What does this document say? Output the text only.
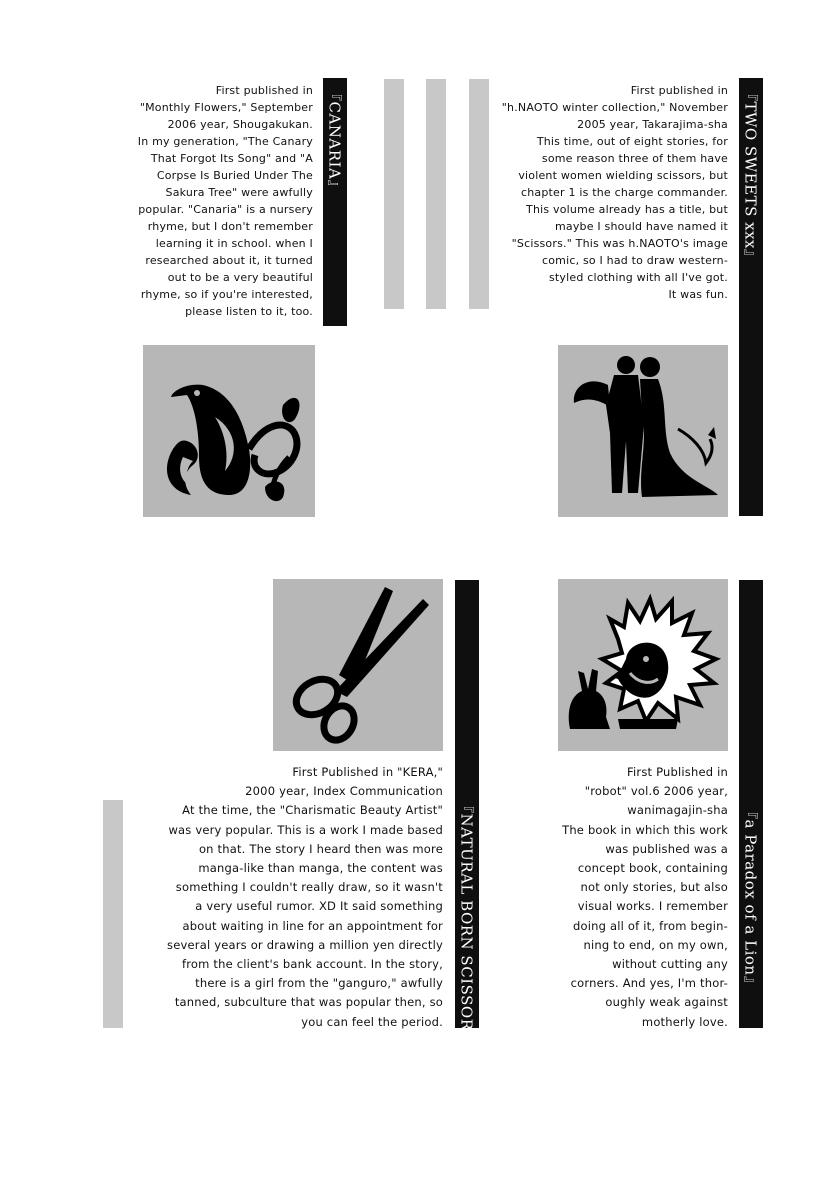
First published in
"Monthly Flowers," September
2006 year, Shougakukan.
In my generation, "The Canary
That Forgot Its Song" and "A
Corpse Is Buried Under The
Sakura Tree" were awfully
popular. "Canaria" is a nursery
rhyme, but I don't remember
learning it in school. when I
researched about it, it turned
out to be a very beautiful
rhyme, so if you're interested,
please listen to it, too.
『CANARIA』	First published in
"h.NAOTO winter collection," November
2005 year, Takarajima-sha
This time, out of eight stories, for
some reason three of them have
violent women wielding scissors, but
chapter 1 is the charge commander.
This volume already has a title, but
maybe I should have named it
"Scissors." This was h.NAOTO's image
comic, so I had to draw western-
styled clothing with all I've got.
It was fun.
『TWO SWEETS xxx』
『NATURAL BORN SCISSORS』
First Published in "KERA,"
2000 year, Index Communication
At the time, the "Charismatic Beauty Artist"
was very popular. This is a work I made based
on that. The story I heard then was more
manga-like than manga, the content was
something I couldn't really draw, so it wasn't
a very useful rumor. XD It said something
about waiting in line for an appointment for
several years or drawing a million yen directly
from the client's bank account. In the story,
there is a girl from the "ganguro," awfully
tanned, subculture that was popular then, so
you can feel the period.
『a Paradox of a Lion』
First Published in
"robot" vol.6 2006 year,
wanimagajin-sha
The book in which this work
was published was a
concept book, containing
not only stories, but also
visual works. I remember
doing all of it, from begin-
ning to end, on my own,
without cutting any
corners. And yes, I'm thor-
oughly weak against
motherly love.
